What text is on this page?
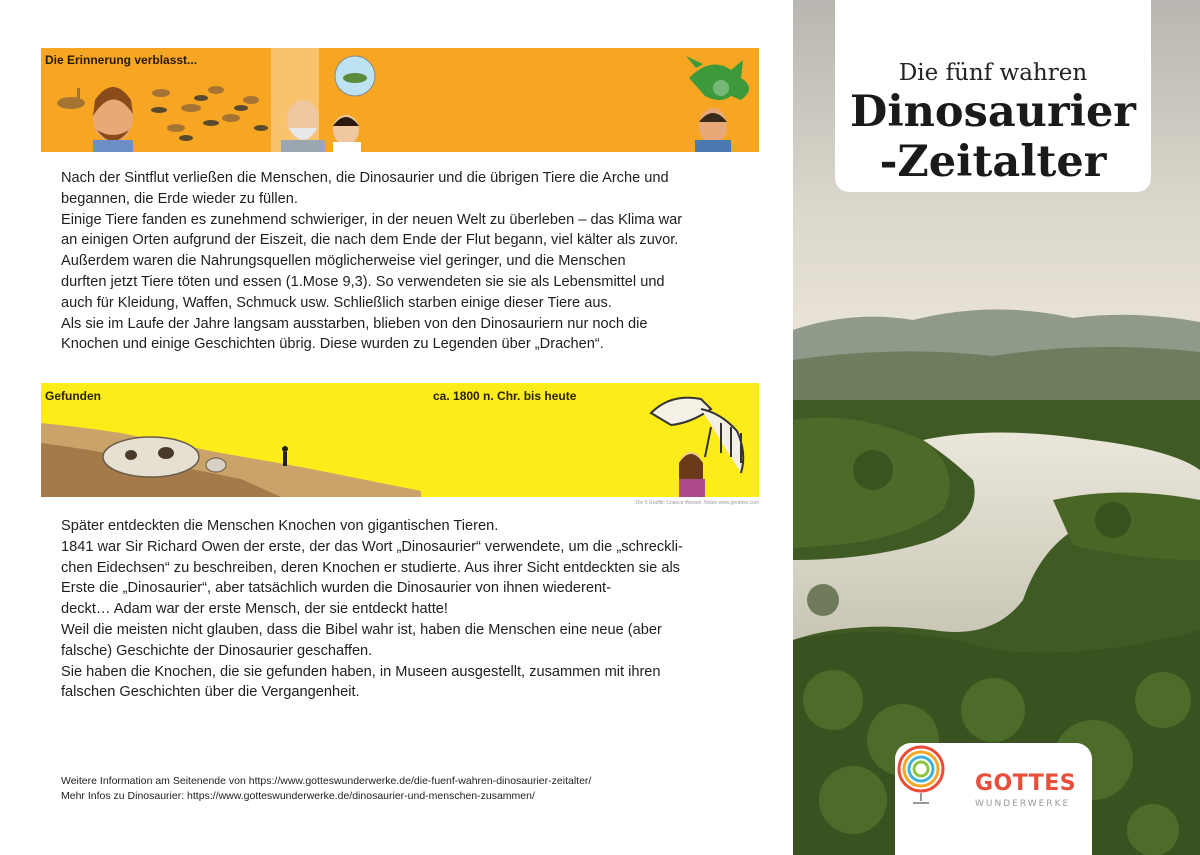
Die Erinnerung verblasst...
Nach der Sintflut verließen die Menschen, die Dinosaurier und die übrigen Tiere die Arche und
begannen, die Erde wieder zu füllen.
Einige Tiere fanden es zunehmend schwieriger, in der neuen Welt zu überleben – das Klima war
an einigen Orten aufgrund der Eiszeit, die nach dem Ende der Flut begann, viel kälter als zuvor.
Außerdem waren die Nahrungsquellen möglicherweise viel geringer, und die Menschen
durften jetzt Tiere töten und essen (1.Mose 9,3). So verwendeten sie sie als Lebensmittel und
auch für Kleidung, Waffen, Schmuck usw. Schließlich starben einige dieser Tiere aus.
Als sie im Laufe der Jahre langsam ausstarben, blieben von den Dinosauriern nur noch die
Knochen und einige Geschichten übrig. Diese wurden zu Legenden über „Drachen“.
Gefunden	ca. 1800 n. Chr. bis heute
Die 5 Graffiti: Criance Wessel. Notes www.greative.com
Später entdeckten die Menschen Knochen von gigantischen Tieren.
1841 war Sir Richard Owen der erste, der das Wort „Dinosaurier“ verwendete, um die „schreckli-
chen Eidechsen“ zu beschreiben, deren Knochen er studierte. Aus ihrer Sicht entdeckten sie als
Erste die „Dinosaurier“, aber tatsächlich wurden die Dinosaurier von ihnen wiederent-
deckt… Adam war der erste Mensch, der sie entdeckt hatte!
Weil die meisten nicht glauben, dass die Bibel wahr ist, haben die Menschen eine neue (aber
falsche) Geschichte der Dinosaurier geschaffen.
Sie haben die Knochen, die sie gefunden haben, in Museen ausgestellt, zusammen mit ihren
falschen Geschichten über die Vergangenheit.
Weitere Information am Seitenende von https://www.gotteswunderwerke.de/die-fuenf-wahren-dinosaurier-zeitalter/
Mehr Infos zu Dinosaurier: https://www.gotteswunderwerke.de/dinosaurier-und-menschen-zusammen/
Die fünf wahren
Dinosaurier
-Zeitalter
GOTTES
WUNDERWERKE
